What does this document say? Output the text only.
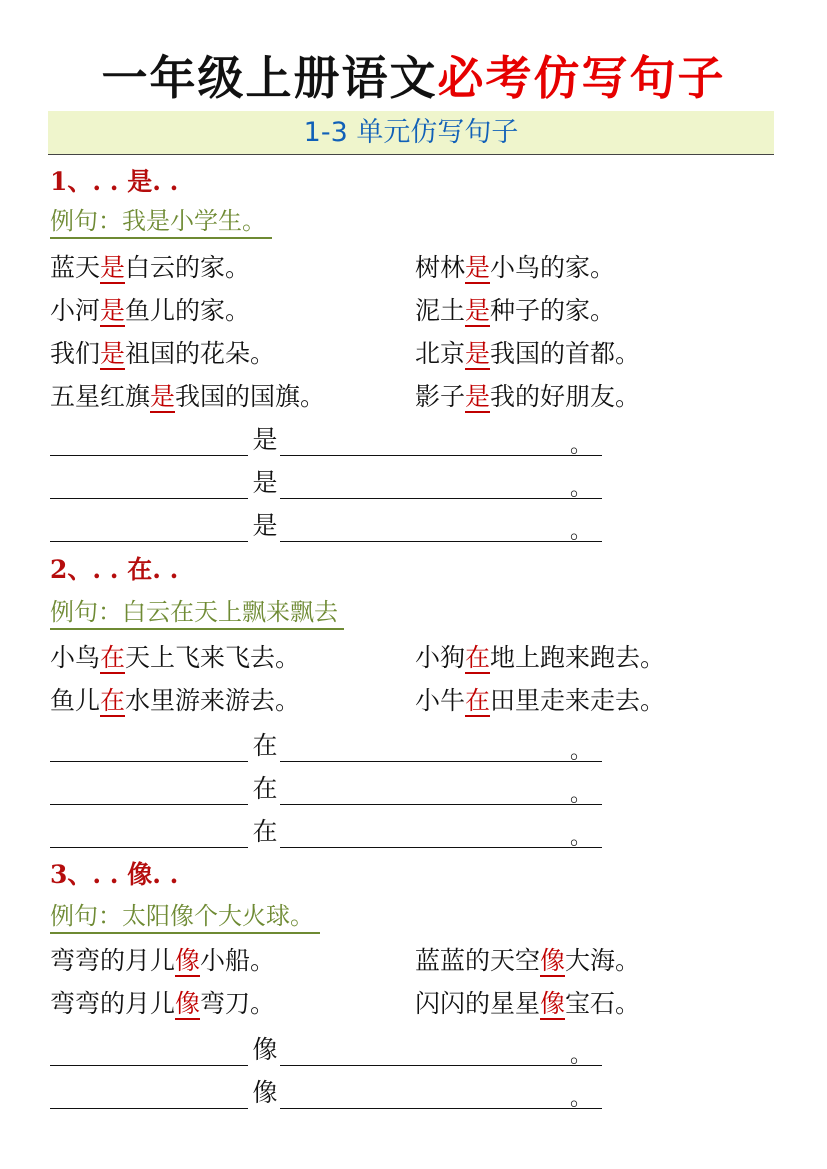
一年级上册语文必考仿写句子
1-3 单元仿写句子
1、. . 是. .
例句：我是小学生。
蓝天是白云的家。	树林是小鸟的家。
小河是鱼儿的家。	泥土是种子的家。
我们是祖国的花朵。	北京是我国的首都。
五星红旗是我国的国旗。	影子是我的好朋友。
是	。
是	。
是	。
2、. . 在. .
例句：白云在天上飘来飘去
小鸟在天上飞来飞去。	小狗在地上跑来跑去。
鱼儿在水里游来游去。	小牛在田里走来走去。
在	。
在	。
在	。
3、. . 像. .
例句：太阳像个大火球。
弯弯的月儿像小船。	蓝蓝的天空像大海。
弯弯的月儿像弯刀。	闪闪的星星像宝石。
像	。
像	。
